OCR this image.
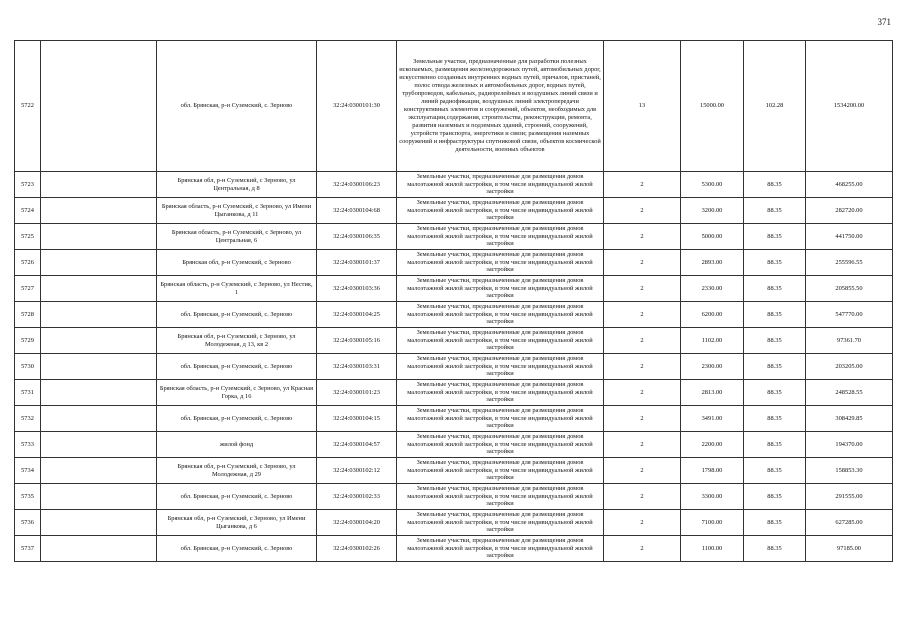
371
5722		обл. Брянская, р-н Суземский, с. Зерново	32:24:0300101:30	Земельные участки, предназначенные для разработки полезных ископаемых, размещения железнодорожных путей, автомобильных дорог, искусственно созданных внутренних водных путей, причалов, пристаней, полос отвода железных и автомобильных дорог, водных путей, трубопроводов, кабельных, радиорелейных и воздушных линий связи и линий радиофикации, воздушных линий электропередачи конструктивных элементов и сооружений, объектов, необходимых для эксплуатации,содержания, строительства, реконструкции, ремонта, развития наземных и подземных зданий, строений, сооружений, устройств транспорта, энергетики и связи; размещения наземных сооружений и инфраструктуры спутниковой связи, объектов космической деятельности, военных объектов	13	15000.00	102.28	1534200.00
5723		Брянская обл, р-н Суземский, с Зерново, ул Центральная, д 8	32:24:0300106:23	Земельные участки, предназначенные для размещения домов малоэтажной жилой застройки, в том числе индивидуальной жилой застройки	2	5300.00	88.35	468255.00
5724		Брянская область, р-н Суземский, с Зерново, ул Имени Цыганкова, д 11	32:24:0300104:68	Земельные участки, предназначенные для размещения домов малоэтажной жилой застройки, в том числе индивидуальной жилой застройки	2	3200.00	88.35	282720.00
5725		Брянская область, р-н Суземский, с Зерново, ул Центральная, 6	32:24:0300106:35	Земельные участки, предназначенные для размещения домов малоэтажной жилой застройки, в том числе индивидуальной жилой застройки	2	5000.00	88.35	441750.00
5726		Брянская обл, р-н Суземский, с Зерново	32:24:0300101:37	Земельные участки, предназначенные для размещения домов малоэтажной жилой застройки, в том числе индивидуальной жилой застройки	2	2893.00	88.35	255596.55
5727		Брянская область, р-н Суземский, с Зерново, ул Нестик, 1	32:24:0300103:36	Земельные участки, предназначенные для размещения домов малоэтажной жилой застройки, в том числе индивидуальной жилой застройки	2	2330.00	88.35	205855.50
5728		обл. Брянская, р-н Суземский, с. Зерново	32:24:0300104:25	Земельные участки, предназначенные для размещения домов малоэтажной жилой застройки, в том числе индивидуальной жилой застройки	2	6200.00	88.35	547770.00
5729		Брянская обл, р-н Суземский, с Зерново, ул Молодежная, д 13, кв 2	32:24:0300105:16	Земельные участки, предназначенные для размещения домов малоэтажной жилой застройки, в том числе индивидуальной жилой застройки	2	1102.00	88.35	97361.70
5730		обл. Брянская, р-н Суземский, с. Зерново	32:24:0300103:31	Земельные участки, предназначенные для размещения домов малоэтажной жилой застройки, в том числе индивидуальной жилой застройки	2	2300.00	88.35	203205.00
5731		Брянская область, р-н Суземский, с Зерново, ул Красная Горка, д 16	32:24:0300101:23	Земельные участки, предназначенные для размещения домов малоэтажной жилой застройки, в том числе индивидуальной жилой застройки	2	2813.00	88.35	248528.55
5732		обл. Брянская, р-н Суземский, с. Зерново	32:24:0300104:15	Земельные участки, предназначенные для размещения домов малоэтажной жилой застройки, в том числе индивидуальной жилой застройки	2	3491.00	88.35	308429.85
5733		жилой фонд	32:24:0300104:57	Земельные участки, предназначенные для размещения домов малоэтажной жилой застройки, в том числе индивидуальной жилой застройки	2	2200.00	88.35	194370.00
5734		Брянская обл, р-н Суземский, с Зерново, ул Молодежная, д 29	32:24:0300102:12	Земельные участки, предназначенные для размещения домов малоэтажной жилой застройки, в том числе индивидуальной жилой застройки	2	1798.00	88.35	158853.30
5735		обл. Брянская, р-н Суземский, с. Зерново	32:24:0300102:33	Земельные участки, предназначенные для размещения домов малоэтажной жилой застройки, в том числе индивидуальной жилой застройки	2	3300.00	88.35	291555.00
5736		Брянская обл, р-н Суземский, с Зерново, ул Имени Цыганкова, д 6	32:24:0300104:20	Земельные участки, предназначенные для размещения домов малоэтажной жилой застройки, в том числе индивидуальной жилой застройки	2	7100.00	88.35	627285.00
5737		обл. Брянская, р-н Суземский, с. Зерново	32:24:0300102:26	Земельные участки, предназначенные для размещения домов малоэтажной жилой застройки, в том числе индивидуальной жилой застройки	2	1100.00	88.35	97185.00
